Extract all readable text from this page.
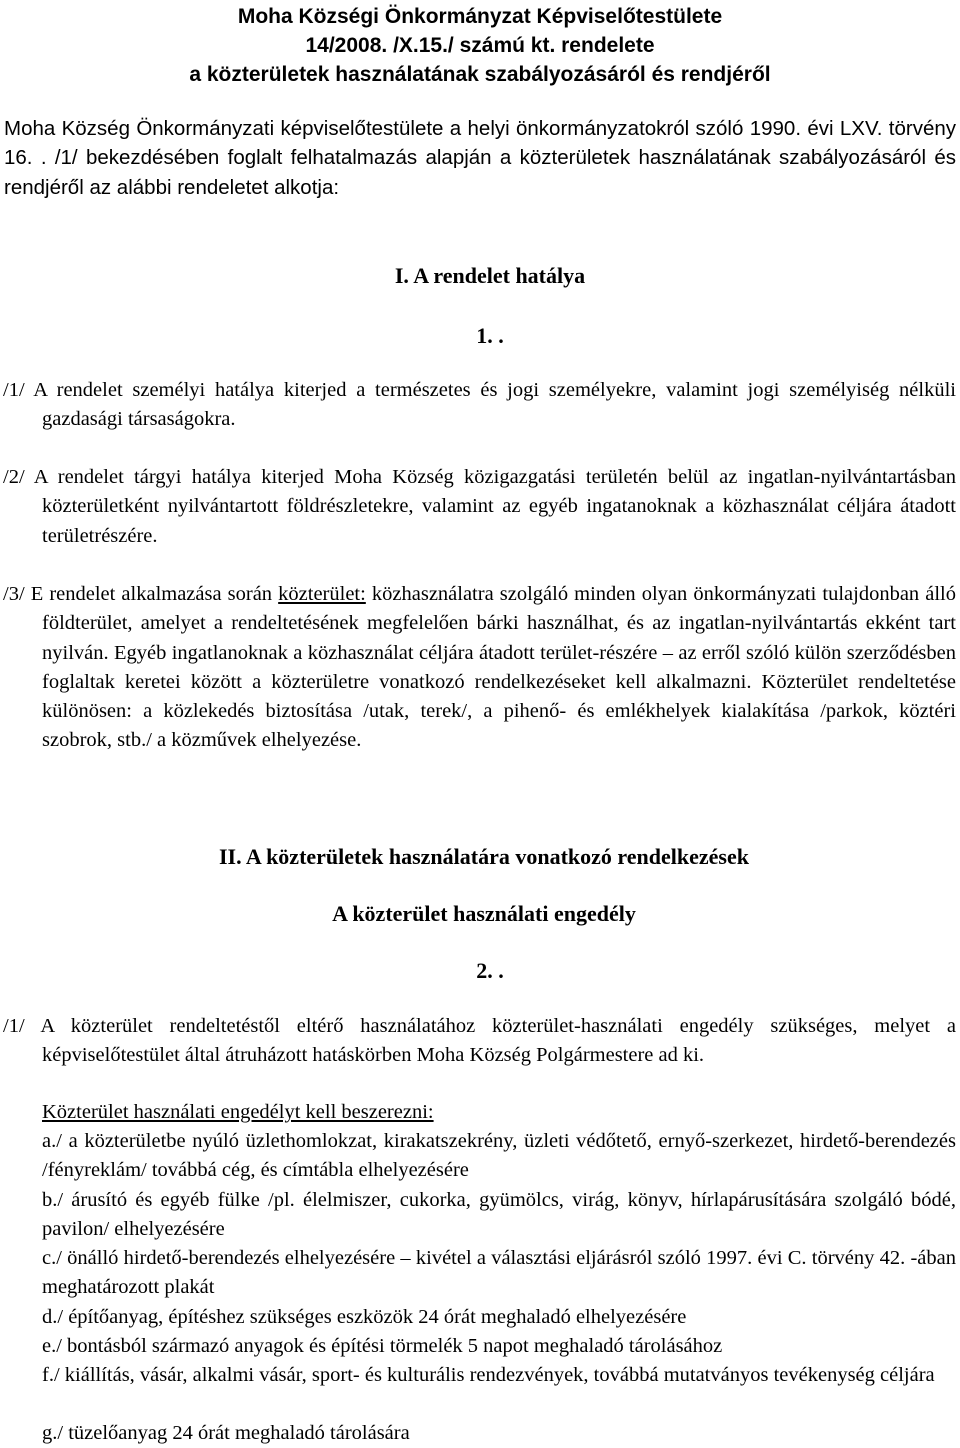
Moha Községi Önkormányzat Képviselőtestülete

14/2008. /X.15./ számú kt. rendelete

a közterületek használatának szabályozásáról és rendjéről

Moha Község Önkormányzati képviselőtestülete a helyi önkormányzatokról szóló 1990. évi LXV. törvény 16. . /1/ bekezdésében foglalt felhatalmazás alapján a közterületek használatának szabályozásáról és rendjéről az alábbi rendeletet alkotja:

I. A rendelet hatálya

1. .

/1/ A rendelet személyi hatálya kiterjed a természetes és jogi személyekre, valamint jogi személyiség nélküli gazdasági társaságokra.

/2/ A rendelet tárgyi hatálya kiterjed Moha Község közigazgatási területén belül az ingatlan-nyilvántartásban közterületként nyilvántartott földrészletekre, valamint az egyéb ingatanoknak a közhasználat céljára átadott területrészére.

/3/ E rendelet alkalmazása során közterület: közhasználatra szolgáló minden olyan önkormányzati tulajdonban álló földterület, amelyet a rendeltetésének megfelelően bárki használhat, és az ingatlan-nyilvántartás ekként tart nyilván. Egyéb ingatlanoknak a közhasználat céljára átadott terület-részére – az erről szóló külön szerződésben foglaltak keretei között a közterületre vonatkozó rendelkezéseket kell alkalmazni. Közterület rendeltetése különösen: a közlekedés biztosítása /utak, terek/, a pihenő- és emlékhelyek kialakítása /parkok, köztéri szobrok, stb./ a közművek elhelyezése.

II. A közterületek használatára vonatkozó rendelkezések

A közterület használati engedély

2. .

/1/ A közterület rendeltetéstől eltérő használatához közterület-használati engedély szükséges, melyet a képviselőtestület által átruházott hatáskörben Moha Község Polgármestere ad ki.

Közterület használati engedélyt kell beszerezni:

a./ a közterületbe nyúló üzlethomlokzat, kirakatszekrény, üzleti védőtető, ernyő-szerkezet, hirdető-berendezés /fényreklám/ továbbá cég, és címtábla elhelyezésére

b./ árusító és egyéb fülke /pl. élelmiszer, cukorka, gyümölcs, virág, könyv, hírlapárusítására szolgáló bódé, pavilon/ elhelyezésére

c./ önálló hirdető-berendezés elhelyezésére – kivétel a választási eljárásról szóló 1997. évi C. törvény 42. -ában meghatározott plakát

d./ építőanyag, építéshez szükséges eszközök 24 órát meghaladó elhelyezésére

e./ bontásból származó anyagok és építési törmelék 5 napot meghaladó tárolásához

f./ kiállítás, vásár, alkalmi vásár, sport- és kulturális rendezvények, továbbá mutatványos tevékenység céljára

g./ tüzelőanyag 24 órát meghaladó tárolására
